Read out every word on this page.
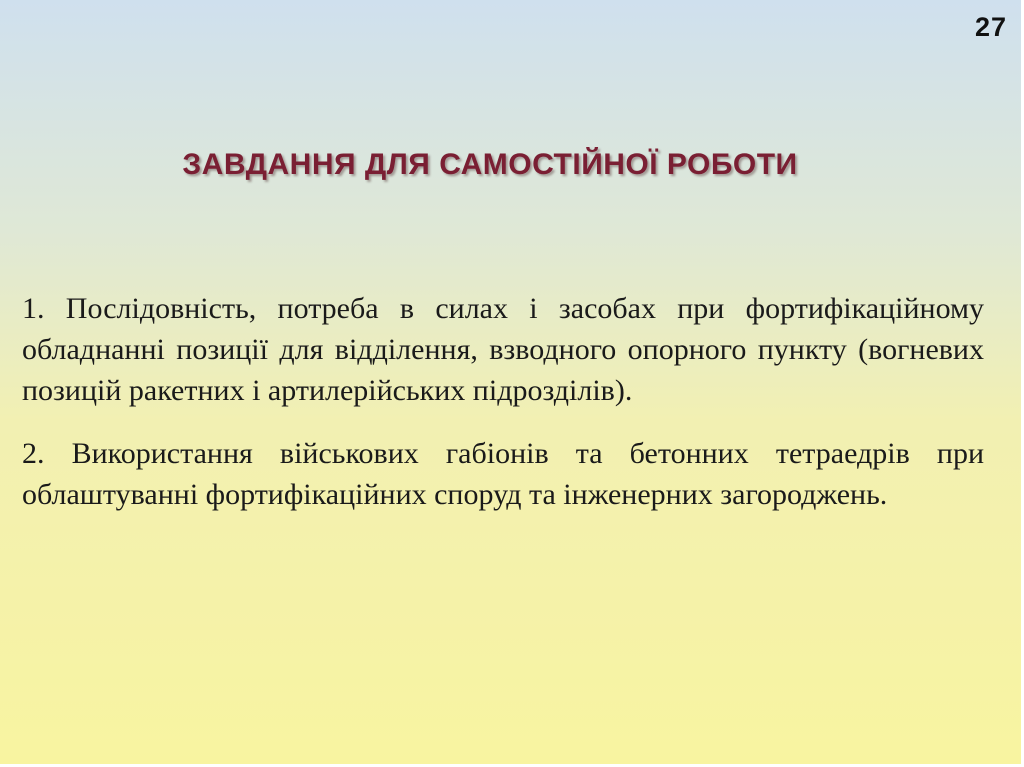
27
ЗАВДАННЯ ДЛЯ САМОСТІЙНОЇ РОБОТИ

1. Послідовність, потреба в силах і засобах при фортифікаційному обладнанні позиції для відділення, взводного опорного пункту (вогневих позицій ракетних і артилерійських підрозділів).

2. Використання військових габіонів та бетонних тетраедрів при облаштуванні фортифікаційних споруд та інженерних загороджень.
